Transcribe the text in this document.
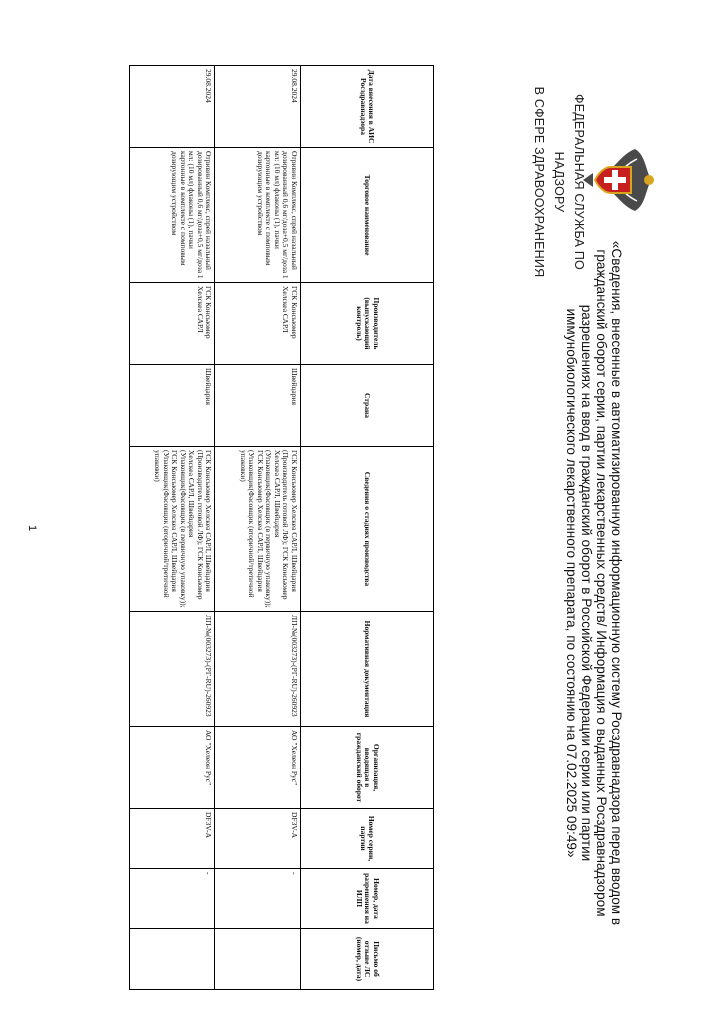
ФЕДЕРАЛЬНАЯ СЛУЖБА ПО НАДЗОРУ
В СФЕРЕ ЗДРАВООХРАНЕНИЯ
«Сведения, внесенные в автоматизированную информационную систему Росздравнадзора перед вводом в гражданский оборот серии, партии лекарственных средств/ Информация о выданных Росздравнадзором разрешениях на ввод в гражданский оборот в Российской Федерации серии или партии иммунобиологического лекарственного препарата, по состоянию на 07.02.2025 09:49»
Дата внесения в АИС Росздравнадзора	Торговое наименование	Производитель (выпускающий контроль)	Страна	Сведения о стадиях производства	Нормативная документация	Организация, вводящая в гражданский оборот	Номер серии, партии	Номер, дата разрешения на ИЛП	Письмо об отзыве ЛС (номер, дата)
29.08.2024	Отривин Комплекс, спрей назальный дозированный 0,6 мг/доза+0,5 мг/доза 1 мл: (10 мл) флаконы (1), пачки картонные в комплекте с помповым дозирующим устройством	ГСК Консьюмер Хелскеа САРЛ	Швейцария	ГСК Консьюмер Хелскеа САРЛ, Швейцария (Производитель готовой ЛФ); ГСК Консьюмер Хелскеа САРЛ, Швейцария (Упаковщик(Фасовщик (в первичную упаковку)); ГСК Консьюмер Хелскеа САРЛ, Швейцария (Упаковщик(Фасовщик (вторичной/третичной упаковки)	ЛП-№(003273)-(РГ-RU)-260923	АО "Хелеон Рус"	DF3V-A	-	
29.08.2024	Отривин Комплекс, спрей назальный дозированный 0,6 мг/доза+0,5 мг/доза 1 мл: (10 мл) флаконы (1), пачки картонные в комплекте с помповым дозирующим устройством	ГСК Консьюмер Хелскеа САРЛ	Швейцария	ГСК Консьюмер Хелскеа САРЛ, Швейцария (Производитель готовой ЛФ); ГСК Консьюмер Хелскеа САРЛ, Швейцария (Упаковщик(Фасовщик (в первичную упаковку)); ГСК Консьюмер Хелскеа САРЛ, Швейцария (Упаковщик(Фасовщик (вторичной/третичной упаковки)	ЛП-№(003273)-(РГ-RU)-260923	АО "Хелеон Рус"	DF3V-A	-	
1
